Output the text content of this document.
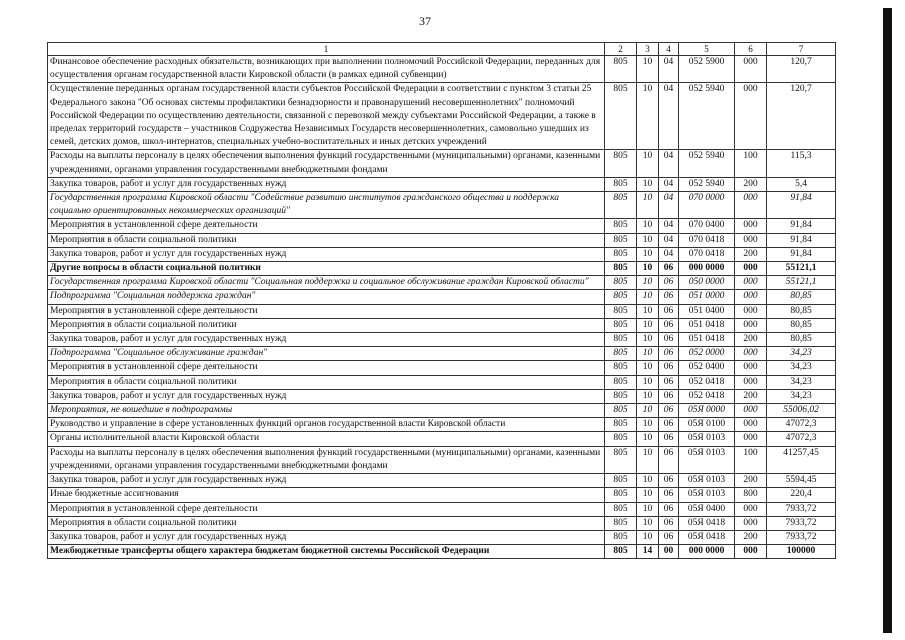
37
1	2	3	4	5	6	7
Финансовое обеспечение расходных обязательств, возникающих при выполнении полномочий Российской Федерации, переданных для осуществления органам государственной власти Кировской области (в рамках единой субвенции)	805	10	04	052 5900	000	120,7
Осуществление переданных органам государственной власти субъектов Российской Федерации в соответствии с пунктом 3 статьи 25 Федерального закона "Об основах системы профилактики безнадзорности и правонарушений несовершеннолетних" полномочий Российской Федерации по осуществлению деятельности, связанной с перевозкой между субъектами Российской Федерации, а также в пределах территорий государств – участников Содружества Независимых Государств несовершеннолетних, самовольно ушедших из семей, детских домов, школ-интернатов, специальных учебно-воспитательных и иных детских учреждений	805	10	04	052 5940	000	120,7
Расходы на выплаты персоналу в целях обеспечения выполнения функций государственными (муниципальными) органами, казенными учреждениями, органами управления государственными внебюджетными фондами	805	10	04	052 5940	100	115,3
Закупка товаров, работ и услуг для государственных нужд	805	10	04	052 5940	200	5,4
Государственная программа Кировской области "Содействие развитию институтов гражданского общества и поддержка социально ориентированных некоммерческих организаций"	805	10	04	070 0000	000	91,84
Мероприятия в установленной сфере деятельности	805	10	04	070 0400	000	91,84
Мероприятия в области социальной политики	805	10	04	070 0418	000	91,84
Закупка товаров, работ и услуг для государственных нужд	805	10	04	070 0418	200	91,84
Другие вопросы в области социальной политики	805	10	06	000 0000	000	55121,1
Государственная программа Кировской области "Социальная поддержка и социальное обслуживание граждан Кировской области"	805	10	06	050 0000	000	55121,1
Подпрограмма "Социальная поддержка граждан"	805	10	06	051 0000	000	80,85
Мероприятия в установленной сфере деятельности	805	10	06	051 0400	000	80,85
Мероприятия в области социальной политики	805	10	06	051 0418	000	80,85
Закупка товаров, работ и услуг для государственных нужд	805	10	06	051 0418	200	80,85
Подпрограмма "Социальное обслуживание граждан"	805	10	06	052 0000	000	34,23
Мероприятия в установленной сфере деятельности	805	10	06	052 0400	000	34,23
Мероприятия в области социальной политики	805	10	06	052 0418	000	34,23
Закупка товаров, работ и услуг для государственных нужд	805	10	06	052 0418	200	34,23
Мероприятия, не вошедшие в подпрограммы	805	10	06	05Я 0000	000	55006,02
Руководство и управление в сфере установленных функций органов государственной власти Кировской области	805	10	06	05Я 0100	000	47072,3
Органы исполнительной власти Кировской области	805	10	06	05Я 0103	000	47072,3
Расходы на выплаты персоналу в целях обеспечения выполнения функций государственными (муниципальными) органами, казенными учреждениями, органами управления государственными внебюджетными фондами	805	10	06	05Я 0103	100	41257,45
Закупка товаров, работ и услуг для государственных нужд	805	10	06	05Я 0103	200	5594,45
Иные бюджетные ассигнования	805	10	06	05Я 0103	800	220,4
Мероприятия в установленной сфере деятельности	805	10	06	05Я 0400	000	7933,72
Мероприятия в области социальной политики	805	10	06	05Я 0418	000	7933,72
Закупка товаров, работ и услуг для государственных нужд	805	10	06	05Я 0418	200	7933,72
Межбюджетные трансферты общего характера бюджетам бюджетной системы Российской Федерации	805	14	00	000 0000	000	100000
